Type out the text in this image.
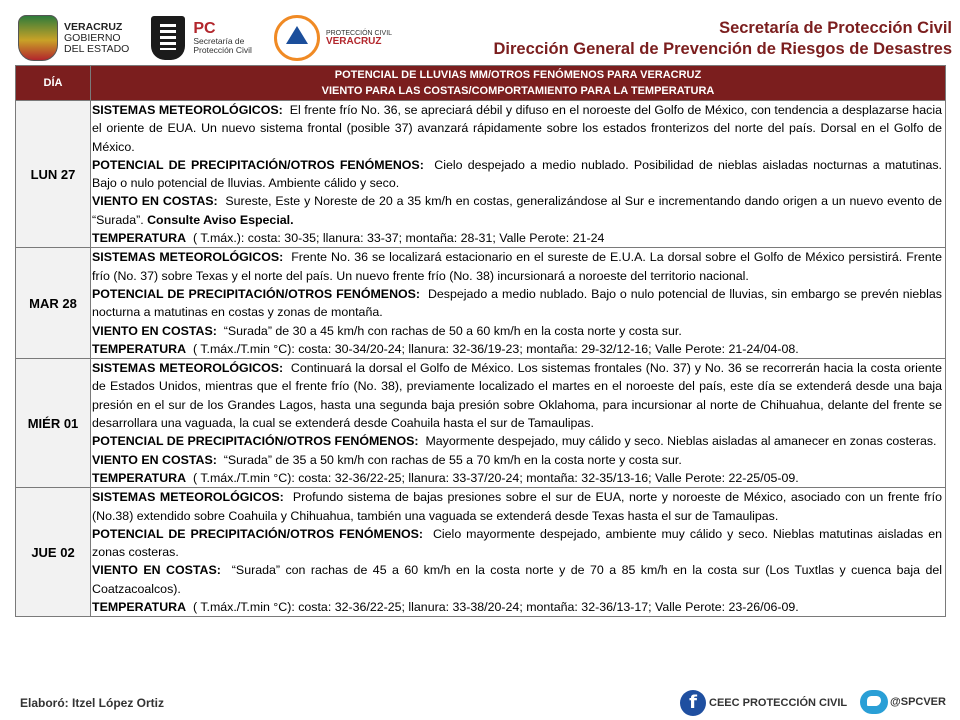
VERACRUZ
GOBIERNO
DEL ESTADO
PC
Secretaría de
Protección Civil
PROTECCIÓN CIVIL
VERACRUZ
Secretaría de Protección Civil
Dirección General de Prevención de Riesgos de Desastres
DÍA	POTENCIAL DE LLUVIAS MM/OTROS FENÓMENOS PARA VERACRUZ
VIENTO PARA LAS COSTAS/COMPORTAMIENTO PARA LA TEMPERATURA

LUN 27	SISTEMAS METEOROLÓGICOS: El frente frío No. 36, se apreciará débil y difuso en el noroeste del Golfo de México, con tendencia a desplazarse hacia el oriente de EUA. Un nuevo sistema frontal (posible 37) avanzará rápidamente sobre los estados fronterizos del norte del país. Dorsal en el Golfo de México.

POTENCIAL DE PRECIPITACIÓN/OTROS FENÓMENOS: Cielo despejado a medio nublado. Posibilidad de nieblas aisladas nocturnas a matutinas. Bajo o nulo potencial de lluvias. Ambiente cálido y seco.

VIENTO EN COSTAS: Sureste, Este y Noreste de 20 a 35 km/h en costas, generalizándose al Sur e incrementando dando origen a un nuevo evento de “Surada”. Consulte Aviso Especial.

TEMPERATURA ( T.máx.): costa: 30-35; llanura: 33-37; montaña: 28-31; Valle Perote: 21-24

MAR 28	SISTEMAS METEOROLÓGICOS: Frente No. 36 se localizará estacionario en el sureste de E.U.A. La dorsal sobre el Golfo de México persistirá. Frente frío (No. 37) sobre Texas y el norte del país. Un nuevo frente frío (No. 38) incursionará a noroeste del territorio nacional.

POTENCIAL DE PRECIPITACIÓN/OTROS FENÓMENOS: Despejado a medio nublado. Bajo o nulo potencial de lluvias, sin embargo se prevén nieblas nocturna a matutinas en costas y zonas de montaña.

VIENTO EN COSTAS: “Surada” de 30 a 45 km/h con rachas de 50 a 60 km/h en la costa norte y costa sur.

TEMPERATURA ( T.máx./T.min °C): costa: 30-34/20-24; llanura: 32-36/19-23; montaña: 29-32/12-16; Valle Perote: 21-24/04-08.

MIÉR 01	SISTEMAS METEOROLÓGICOS: Continuará la dorsal el Golfo de México. Los sistemas frontales (No. 37) y No. 36 se recorrerán hacia la costa oriente de Estados Unidos, mientras que el frente frío (No. 38), previamente localizado el martes en el noroeste del país, este día se extenderá desde una baja presión en el sur de los Grandes Lagos, hasta una segunda baja presión sobre Oklahoma, para incursionar al norte de Chihuahua, delante del frente se desarrollara una vaguada, la cual se extenderá desde Coahuila hasta el sur de Tamaulipas.

POTENCIAL DE PRECIPITACIÓN/OTROS FENÓMENOS: Mayormente despejado, muy cálido y seco. Nieblas aisladas al amanecer en zonas costeras.

VIENTO EN COSTAS: “Surada” de 35 a 50 km/h con rachas de 55 a 70 km/h en la costa norte y costa sur.

TEMPERATURA ( T.máx./T.min °C): costa: 32-36/22-25; llanura: 33-37/20-24; montaña: 32-35/13-16; Valle Perote: 22-25/05-09.

JUE 02	SISTEMAS METEOROLÓGICOS: Profundo sistema de bajas presiones sobre el sur de EUA, norte y noroeste de México, asociado con un frente frío (No.38) extendido sobre Coahuila y Chihuahua, también una vaguada se extenderá desde Texas hasta el sur de Tamaulipas.

POTENCIAL DE PRECIPITACIÓN/OTROS FENÓMENOS: Cielo mayormente despejado, ambiente muy cálido y seco. Nieblas matutinas aisladas en zonas costeras.

VIENTO EN COSTAS: “Surada” con rachas de 45 a 60 km/h en la costa norte y de 70 a 85 km/h en la costa sur (Los Tuxtlas y cuenca baja del Coatzacoalcos).

TEMPERATURA ( T.máx./T.min °C): costa: 32-36/22-25; llanura: 33-38/20-24; montaña: 32-36/13-17; Valle Perote: 23-26/06-09.

Elaboró: Itzel López Ortiz	f	CEEC PROTECCIÓN CIVIL	@SPCVER
